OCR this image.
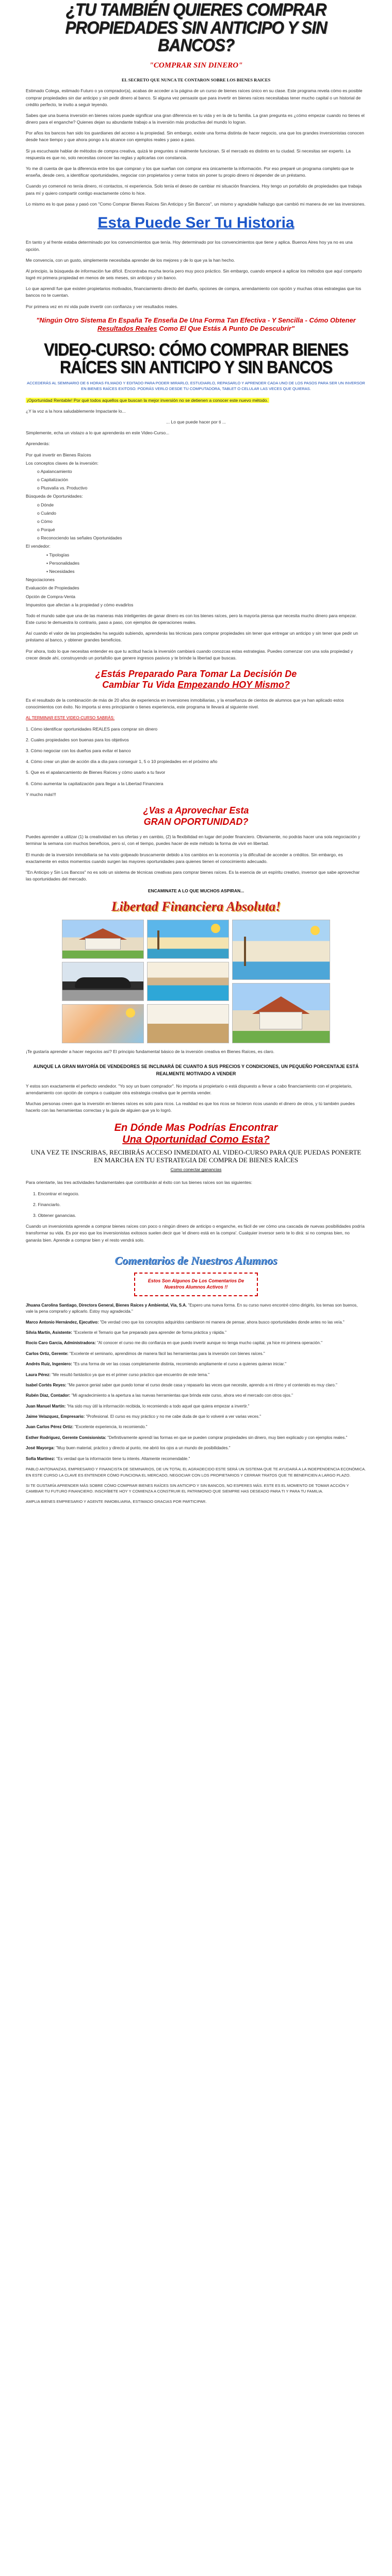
¿TU TAMBIÉN QUIERES COMPRAR PROPIEDADES SIN ANTICIPO Y SIN BANCOS?
"COMPRAR SIN DINERO"
EL SECRETO QUE NUNCA TE CONTARON SOBRE LOS BIENES RAICES

Estimado Colega, estimado Futuro o ya comprador(a), acabas de acceder a la página de un curso de bienes raíces único en su clase. Este programa revela cómo es posible comprar propiedades sin dar anticipo y sin pedir dinero al banco. Si alguna vez pensaste que para invertir en bienes raíces necesitabas tener mucho capital o un historial de crédito perfecto, te invito a seguir leyendo.

Sabes que una buena inversión en bienes raíces puede significar una gran diferencia en tu vida y en la de tu familia. La gran pregunta es ¿cómo empezar cuando no tienes el dinero para el enganche? Quienes dejan su abundante trabajo a la inversión más productiva del mundo lo logran.

Por años los bancos han sido los guardianes del acceso a la propiedad. Sin embargo, existe una forma distinta de hacer negocio, una que los grandes inversionistas conocen desde hace tiempo y que ahora pongo a tu alcance con ejemplos reales y paso a paso.

Si ya escuchaste hablar de métodos de compra creativa, quizá te preguntes si realmente funcionan. Si el mercado es distinto en tu ciudad. Si necesitas ser experto. La respuesta es que no, solo necesitas conocer las reglas y aplicarlas con constancia.

Yo me di cuenta de que la diferencia entre los que compran y los que sueñan con comprar era únicamente la información. Por eso preparé un programa completo que te enseña, desde cero, a identificar oportunidades, negociar con propietarios y cerrar tratos sin poner tu propio dinero ni depender de un préstamo.

Cuando yo comencé no tenía dinero, ni contactos, ni experiencia. Solo tenía el deseo de cambiar mi situación financiera. Hoy tengo un portafolio de propiedades que trabaja para mí y quiero compartir contigo exactamente cómo lo hice.

Lo mismo es lo que pasa y pasó con "Como Comprar Bienes Raíces Sin Anticipo y Sin Bancos", un mismo y agradable hallazgo que cambió mi manera de ver las inversiones.

Esta Puede Ser Tu Historia

En tanto y al frente estaba determinado por los convencimientos que tenía. Hoy determinado por los convencimientos que tiene y aplica. Buenos Aires hoy ya no es una opción.

Me convencía, con un gusto, simplemente necesitaba aprender de los mejores y de lo que ya la han hecho.

Al principio, la búsqueda de información fue difícil. Encontraba mucha teoría pero muy poco práctico. Sin embargo, cuando empecé a aplicar los métodos que aquí comparto logré mi primera propiedad en menos de seis meses, sin anticipo y sin banco.

Lo que aprendí fue que existen propietarios motivados, financiamiento directo del dueño, opciones de compra, arrendamiento con opción y muchas otras estrategias que los bancos no te cuentan.

Por primera vez en mi vida pude invertir con confianza y ver resultados reales.

"Ningún Otro Sistema En España Te Enseña De Una Forma Tan Efectiva - Y Sencilla - Cómo Obtener Resultados Reales Como El Que Estás A Punto De Descubrir"
VIDEO-CURSO: CÓMO COMPRAR BIENES RAÍCES SIN ANTICIPO Y SIN BANCOS
ACCEDERÁS AL SEMINARIO DE 6 HORAS FILMADO Y EDITADO PARA PODER MIRARLO, ESTUDIARLO, REPASARLO Y APRENDER CADA UNO DE LOS PASOS PARA SER UN INVERSOR EN BIENES RAÍCES EXITOSO. PODRÁS VERLO DESDE TU COMPUTADORA, TABLET O CELULAR LAS VECES QUE QUIERAS.

¡Oportunidad Rentable! Por qué todos aquellos que buscan la mejor inversión no se detienen a conocer este nuevo método.

¿Y la voz a la hora saludablemente Impactante lo...

... Lo que puede hacer por ti ...

Simplemente, echa un vistazo a lo que aprenderás en este Video-Curso...

Aprenderás:

Por qué invertir en Bienes Raíces
Los conceptos claves de la inversión:
o Apalancamiento
o Capitalización
o Plusvalía vs. Productivo
Búsqueda de Oportunidades:
o Dónde
o Cuándo
o Cómo
o Porqué
o Reconociendo las señales Oportunidades
El vendedor:
▪ Tipologías
▪ Personalidades
▪ Necesidades
Negociaciones
Evaluación de Propiedades
Opción de Compra-Venta
Impuestos que afectan a la propiedad y cómo evadirlos

Todo el mundo sabe que una de las maneras más inteligentes de ganar dinero es con los bienes raíces, pero la mayoría piensa que necesita mucho dinero para empezar. Este curso te demuestra lo contrario, paso a paso, con ejemplos de operaciones reales.

Así cuando el valor de las propiedades ha seguido subiendo, aprenderás las técnicas para comprar propiedades sin tener que entregar un anticipo y sin tener que pedir un préstamo al banco, y obtener grandes beneficios.

Por ahora, todo lo que necesitas entender es que tu actitud hacia la inversión cambiará cuando conozcas estas estrategias. Puedes comenzar con una sola propiedad y crecer desde ahí, construyendo un portafolio que genere ingresos pasivos y te brinde la libertad que buscas.

¿Estás Preparado Para Tomar La Decisión De
Cambiar Tu Vida Empezando HOY Mismo?

Es el resultado de la combinación de más de 20 años de experiencia en inversiones inmobiliarias, y la enseñanza de cientos de alumnos que ya han aplicado estos conocimientos con éxito. No importa si eres principiante o tienes experiencia, este programa te llevará al siguiente nivel.

AL TERMINAR ESTE VIDEO-CURSO SABRÁS:

1. Cómo identificar oportunidades REALES para comprar sin dinero

2. Cuales propiedades son buenas para los objetivos

3. Cómo negociar con los dueños para evitar el banco

4. Cómo crear un plan de acción día a día para conseguir 1, 5 o 10 propiedades en el próximo año

5. Que es el apalancamiento de Bienes Raíces y cómo usarlo a tu favor

6. Cómo aumentar la capitalización para llegar a la Libertad Financiera

Y mucho más!!!

¿Vas a Aprovechar Esta
GRAN OPORTUNIDAD?

Puedes aprender a utilizar (1) la creatividad en tus ofertas y en cambio, (2) la flexibilidad en lugar del poder financiero. Obviamente, no podrás hacer una sola negociación y terminar la semana con muchos beneficios, pero sí, con el tiempo, puedes hacer de este método la forma de vivir en libertad.

El mundo de la inversión inmobiliaria se ha visto golpeado bruscamente debido a los cambios en la economía y la dificultad de acceder a créditos. Sin embargo, es exactamente en estos momentos cuando surgen las mayores oportunidades para quienes tienen el conocimiento adecuado.

"En Anticipo y Sin Los Bancos" no es solo un sistema de técnicas creativas para comprar bienes raíces. Es la esencia de un espíritu creativo, inversor que sabe aprovechar las oportunidades del mercado.

ENCAMINATE A LO QUE MUCHOS ASPIRAN...
Libertad Financiera Absoluta!

¡Te gustaría aprender a hacer negocios así? El principio fundamental básico de la inversión creativa en Bienes Raíces, es claro.

AUNQUE LA GRAN MAYORÍA DE VENDEDORES SE INCLINARÁ DE CUANTO A SUS PRECIOS Y CONDICIONES, UN PEQUEÑO PORCENTAJE ESTÁ REALMENTE MOTIVADO A VENDER

Y estos son exactamente el perfecto vendedor. "Yo soy un buen comprador". No importa si propietario o está dispuesto a llevar a cabo financiamiento con el propietario, arrendamiento con opción de compra o cualquier otra estrategia creativa que le permita vender.

Muchas personas creen que la inversión en bienes raíces es solo para ricos. La realidad es que los ricos se hicieron ricos usando el dinero de otros, y tú también puedes hacerlo con las herramientas correctas y la guía de alguien que ya lo logró.

En Dónde Mas Podrías Encontrar
Una Oportunidad Como Esta?
UNA VEZ TE INSCRIBAS, RECIBIRÁS ACCESO INMEDIATO AL VIDEO-CURSO PARA QUE PUEDAS PONERTE EN MARCHA EN TU ESTRATEGIA DE COMPRA DE BIENES RAÍCES
Como conectar ganancias

Para orientarte, las tres actividades fundamentales que contribuirán al éxito con tus bienes raíces son las siguientes:

1. Encontrar el negocio.

2. Financiarlo.

3. Obtener ganancias.

Cuando un inversionista aprende a comprar bienes raíces con poco o ningún dinero de anticipo o enganche, es fácil de ver cómo una cascada de nuevas posibilidades podría transformar su vida. Es por eso que los inversionistas exitosos suelen decir que 'el dinero está en la compra'. Cualquier inversor serio te lo dirá: si no compras bien, no ganarás bien. Aprende a comprar bien y el resto vendrá solo.

Comentarios de Nuestros Alumnos
Estos Son Algunos De Los Comentarios De Nuestros Alumnos Activos !!

Jhuana Carolina Santiago, Directora General, Bienes Raíces y Ambiental, Vía, S.A. "Espero una nueva forma. En su curso nuevo encontré cómo dirigirlo, los temas son buenos, vale la pena comprarlo y aplicarlo. Estoy muy agradecida."

Marco Antonio Hernández, Ejecutivo: "De verdad creo que los conceptos adquiridos cambiaron mi manera de pensar, ahora busco oportunidades donde antes no las veía."

Silvia Martín, Asistente: "Excelente el Temario que fue preparado para aprender de forma práctica y rápida."

Rocío Caro Garcia, Administradora: "Al conocer el curso me dio confianza en que puedo invertir aunque no tenga mucho capital, ya hice mi primera operación."

Carlos Ortiz, Gerente: "Excelente el seminario, aprendimos de manera fácil las herramientas para la inversión con bienes raíces."

Andrés Ruiz, Ingeniero: "Es una forma de ver las cosas completamente distinta, recomiendo ampliamente el curso a quienes quieran iniciar."

Laura Pérez: "Me resultó fantástico ya que es el primer curso práctico que encuentro de este tema."

Isabel Cortés Reyes: "Me parece genial saber que puedo tomar el curso desde casa y repasarlo las veces que necesite, aprendo a mi ritmo y el contenido es muy claro."

Rubén Díaz, Contador: "Mi agradecimiento a la apertura a las nuevas herramientas que brinda este curso, ahora veo el mercado con otros ojos."

Juan Manuel Martín: "Ha sido muy útil la información recibida, lo recomiendo a todo aquel que quiera empezar a invertir."

Jaime Velazquez, Empresario: "Profesional. El curso es muy práctico y no me cabe duda de que lo volveré a ver varias veces."

Juan Carlos Pérez Ortiz: "Excelente experiencia, lo recomiendo."

Esther Rodríguez, Gerente Comisionista: "Definitivamente aprendí las formas en que se pueden comprar propiedades sin dinero, muy bien explicado y con ejemplos reales."

José Mayorga: "Muy buen material, práctico y directo al punto, me abrió los ojos a un mundo de posibilidades."

Sofía Martínez: "Es verdad que la información tiene tu interés. Altamente recomendable."

PABLO ANTONANZAS, EMPRESARIO Y FINANCISTA DE SEMINARIOS, DE UN TOTAL EL AGRADECIDO ESTE SERÁ UN SISTEMA QUE TE AYUDARÁ A LA INDEPENDENCIA ECONÓMICA. EN ESTE CURSO LA CLAVE ES ENTENDER CÓMO FUNCIONA EL MERCADO, NEGOCIAR CON LOS PROPIETARIOS Y CERRAR TRATOS QUE TE BENEFICIEN A LARGO PLAZO.

SI TE GUSTARÍA APRENDER MÁS SOBRE CÓMO COMPRAR BIENES RAÍCES SIN ANTICIPO Y SIN BANCOS, NO ESPERES MÁS. ESTE ES EL MOMENTO DE TOMAR ACCIÓN Y CAMBIAR TU FUTURO FINANCIERO. INSCRÍBETE HOY Y COMIENZA A CONSTRUIR EL PATRIMONIO QUE SIEMPRE HAS DESEADO PARA TI Y PARA TU FAMILIA.

AMPLIA BIENES EMPRESARIO Y AGENTE INMOBILIARIA, ESTIMADO GRACIAS POR PARTICIPAR.
